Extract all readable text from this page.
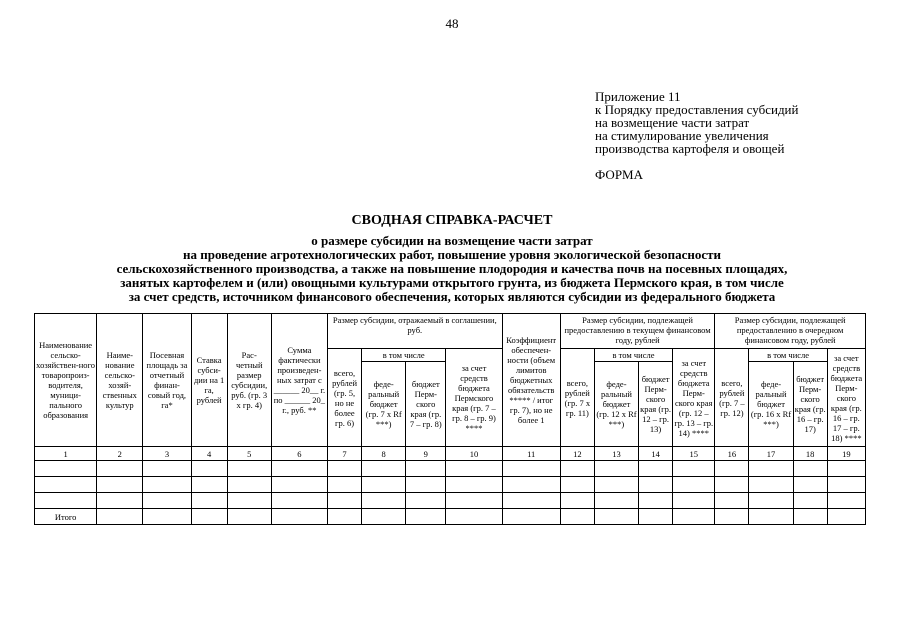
48
Приложение 11
к Порядку предоставления субсидий
на возмещение части затрат
на стимулирование увеличения
производства картофеля и овощей
ФОРМА
СВОДНАЯ СПРАВКА-РАСЧЕТ
о размере субсидии на возмещение части затрат
на проведение агротехнологических работ, повышение уровня экологической безопасности
сельскохозяйственного производства, а также на повышение плодородия и качества почв на посевных площадях,
занятых картофелем и (или) овощными культурами открытого грунта, из бюджета Пермского края, в том числе
за счет средств, источником финансового обеспечения, которых являются субсидии из федерального бюджета
Наименование сельско-хозяйствен-ного товаропроиз-водителя, муници-пального образования	Наиме-нование сельско-хозяй-ственных культур	Посевная площадь за отчетный финан-совый год, га*	Ставка субси-дии на 1 га, рублей	Рас-четный размер субсидии, руб. (гр. 3 х гр. 4)	Сумма фактически произведен-ных затрат с ______ 20__ г. по ______ 20_ г., руб. **	Размер субсидии, отражаемый в соглашении, руб.				Коэффициент обеспечен-ности (объем лимитов бюджетных обязательств ***** / итог гр. 7), но не более 1	Размер субсидии, подлежащей предоставлению в текущем финансовом году, рублей				Размер субсидии, подлежащей предоставлению в очередном финансовом году, рублей			
						всего, рублей (гр. 5, но не более гр. 6)	в том числе		за счет средств бюджета Пермского края (гр. 7 – гр. 8 – гр. 9) ****		всего, рублей (гр. 7 х гр. 11)	в том числе		за счет средств бюджета Перм-ского края (гр. 12 – гр. 13 – гр. 14) ****	всего, рублей (гр. 7 – гр. 12)	в том числе		за счет средств бюджета Перм-ского края (гр. 16 – гр. 17 – гр. 18) ****
							феде-ральный бюджет (гр. 7 х Rf ***)	бюджет Перм-ского края (гр. 7 – гр. 8)				феде-ральный бюджет (гр. 12 х Rf ***)	бюджет Перм-ского края (гр. 12 – гр. 13)			феде-ральный бюджет (гр. 16 х Rf ***)	бюджет Перм-ского края (гр. 16 – гр. 17)	
1	2	3	4	5	6	7	8	9	10	11	12	13	14	15	16	17	18	19

Итого																		
